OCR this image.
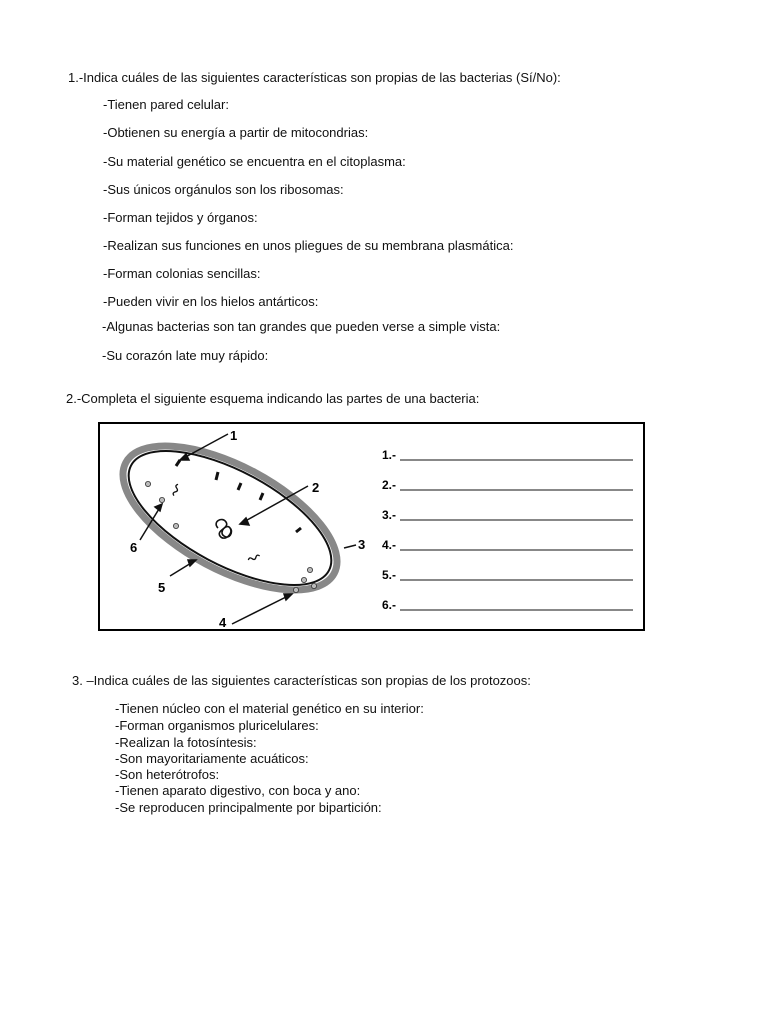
1.-Indica cuáles de las siguientes características son propias de las bacterias (Sí/No):

-Tienen pared celular:

-Obtienen su energía a partir de mitocondrias:

-Su material genético se encuentra en el citoplasma:

-Sus únicos orgánulos son los ribosomas:

-Forman tejidos y órganos:

-Realizan sus funciones en unos pliegues de su membrana plasmática:

-Forman colonias sencillas:

-Pueden vivir en los hielos antárticos:

-Algunas bacterias son tan grandes que pueden verse a simple vista:

-Su corazón late muy rápido:

2.-Completa el siguiente esquema indicando las partes de una bacteria:
1
2
3
4
5
6
1.-
2.-
3.-
4.-
5.-
6.-
3. –Indica cuáles de las siguientes características son propias de los protozoos:

-Tienen núcleo con el material genético en su interior:

-Forman organismos pluricelulares:

-Realizan la fotosíntesis:

-Son mayoritariamente acuáticos:

-Son heterótrofos:

-Tienen aparato digestivo, con boca y ano:

-Se reproducen principalmente por bipartición:
